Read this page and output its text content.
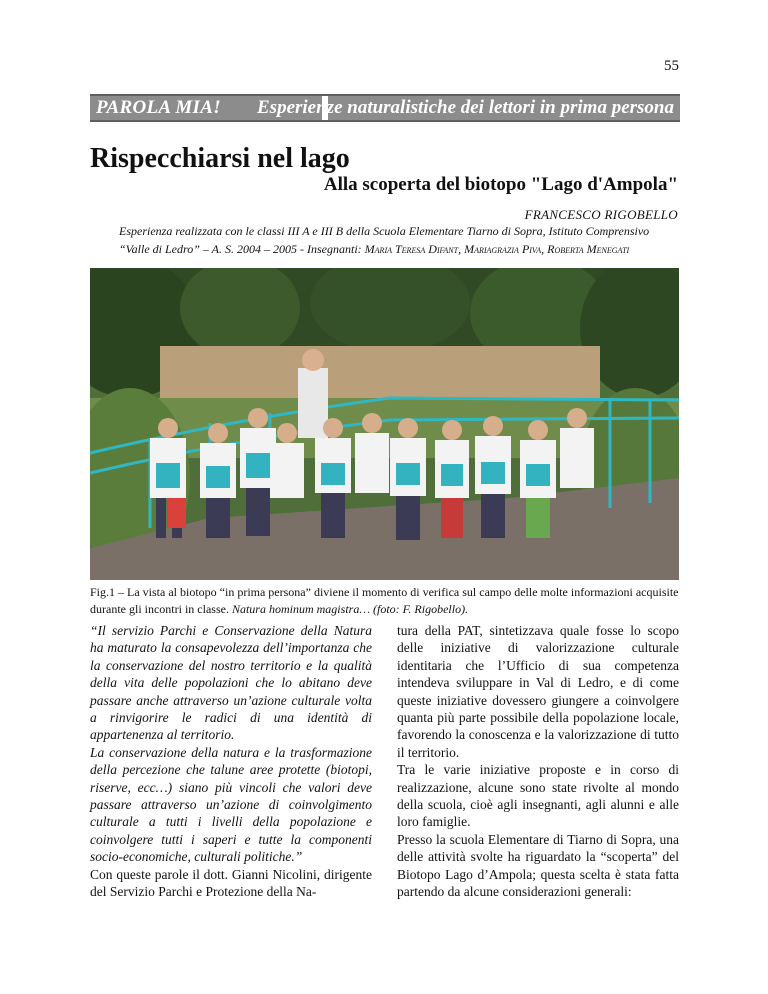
55
PAROLA MIA! Esperienze naturalistiche dei lettori in prima persona
Rispecchiarsi nel lago
Alla scoperta del biotopo "Lago d'Ampola"
FRANCESCO RIGOBELLO
Esperienza realizzata con le classi III A e III B della Scuola Elementare Tiarno di Sopra, Istituto Comprensivo “Valle di Ledro” – A. S. 2004 – 2005 - Insegnanti: Maria Teresa Difant, Mariagrazia Piva, Roberta Menegati
Fig.1 – La vista al biotopo “in prima persona” diviene il momento di verifica sul campo delle molte informazioni acquisite durante gli incontri in classe. Natura hominum magistra… (foto: F. Rigobello).

“Il servizio Parchi e Conservazione della Natura ha maturato la consapevolezza dell’importanza che la conservazione del nostro territorio e la qualità della vita delle popolazioni che lo abitano deve passare anche attraverso un’azione culturale volta a rinvigorire le radici di una identità di appartenenza al territorio.

La conservazione della natura e la trasformazione della percezione che talune aree protette (biotopi, riserve, ecc…) siano più vincoli che valori deve passare attraverso un’azione di coinvolgimento culturale a tutti i livelli della popolazione e coinvolgere tutti i saperi e tutte la componenti socio-economiche, culturali politiche.”

Con queste parole il dott. Gianni Nicolini, dirigente del Servizio Parchi e Protezione della Na-

tura della PAT, sintetizzava quale fosse lo scopo delle iniziative di valorizzazione culturale identitaria che l’Ufficio di sua competenza intendeva sviluppare in Val di Ledro, e di come queste iniziative dovessero giungere a coinvolgere quanta più parte possibile della popolazione locale, favorendo la conoscenza e la valorizzazione di tutto il territorio.

Tra le varie iniziative proposte e in corso di realizzazione, alcune sono state rivolte al mondo della scuola, cioè agli insegnanti, agli alunni e alle loro famiglie.

Presso la scuola Elementare di Tiarno di Sopra, una delle attività svolte ha riguardato la “scoperta” del Biotopo Lago d’Ampola; questa scelta è stata fatta partendo da alcune considerazioni generali:
